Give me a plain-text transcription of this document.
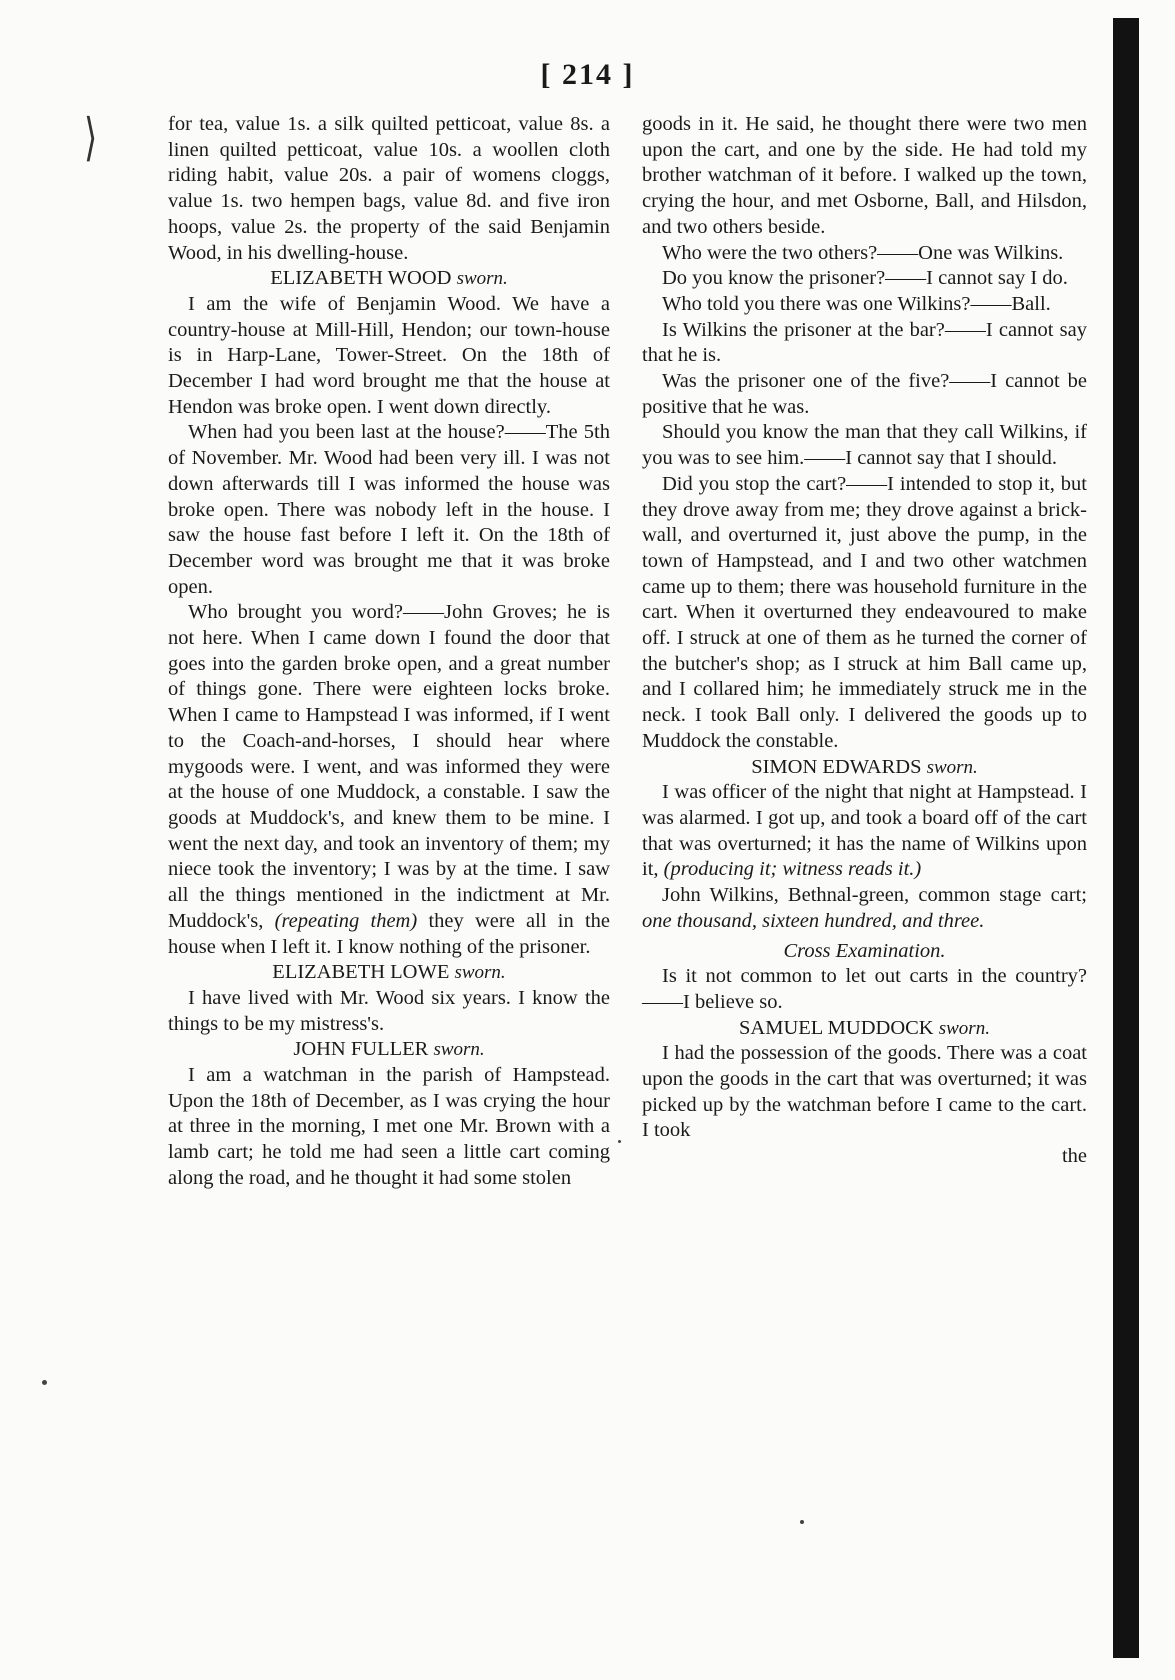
[ 214 ]
⟩	for tea, value 1s. a silk quilted petticoat, value 8s. a linen quilted petticoat, value 10s. a woollen cloth riding habit, value 20s. a pair of womens cloggs, value 1s. two hempen bags, value 8d. and five iron hoops, value 2s. the property of the said Benjamin Wood, in his dwelling-house.

ELIZABETH WOOD sworn.

I am the wife of Benjamin Wood. We have a country-house at Mill-Hill, Hendon; our town-house is in Harp-Lane, Tower-Street. On the 18th of December I had word brought me that the house at Hendon was broke open. I went down directly.

When had you been last at the house?——The 5th of November. Mr. Wood had been very ill. I was not down afterwards till I was informed the house was broke open. There was nobody left in the house. I saw the house fast before I left it. On the 18th of December word was brought me that it was broke open.

Who brought you word?——John Groves; he is not here. When I came down I found the door that goes into the garden broke open, and a great number of things gone. There were eighteen locks broke. When I came to Hampstead I was informed, if I went to the Coach-and-horses, I should hear where mygoods were. I went, and was informed they were at the house of one Muddock, a constable. I saw the goods at Muddock's, and knew them to be mine. I went the next day, and took an inventory of them; my niece took the inventory; I was by at the time. I saw all the things mentioned in the indictment at Mr. Muddock's, (repeating them) they were all in the house when I left it. I know nothing of the prisoner.

ELIZABETH LOWE sworn.

I have lived with Mr. Wood six years. I know the things to be my mistress's.

JOHN FULLER sworn.

I am a watchman in the parish of Hampstead. Upon the 18th of December, as I was crying the hour at three in the morning, I met one Mr. Brown with a lamb cart; he told me had seen a little cart coming along the road, and he thought it had some stolen

goods in it. He said, he thought there were two men upon the cart, and one by the side. He had told my brother watchman of it before. I walked up the town, crying the hour, and met Osborne, Ball, and Hilsdon, and two others beside.

Who were the two others?——One was Wilkins.

Do you know the prisoner?——I cannot say I do.

Who told you there was one Wilkins?——Ball.

Is Wilkins the prisoner at the bar?——I cannot say that he is.

Was the prisoner one of the five?——I cannot be positive that he was.

Should you know the man that they call Wilkins, if you was to see him.——I cannot say that I should.

Did you stop the cart?——I intended to stop it, but they drove away from me; they drove against a brick-wall, and overturned it, just above the pump, in the town of Hampstead, and I and two other watchmen came up to them; there was household furniture in the cart. When it overturned they endeavoured to make off. I struck at one of them as he turned the corner of the butcher's shop; as I struck at him Ball came up, and I collared him; he immediately struck me in the neck. I took Ball only. I delivered the goods up to Muddock the constable.

SIMON EDWARDS sworn.

I was officer of the night that night at Hampstead. I was alarmed. I got up, and took a board off of the cart that was overturned; it has the name of Wilkins upon it, (producing it; witness reads it.)

John Wilkins, Bethnal-green, common stage cart; one thousand, sixteen hundred, and three.

Cross Examination.

Is it not common to let out carts in the country?——I believe so.

SAMUEL MUDDOCK sworn.

I had the possession of the goods. There was a coat upon the goods in the cart that was overturned; it was picked up by the watchman before I came to the cart. I took

the
